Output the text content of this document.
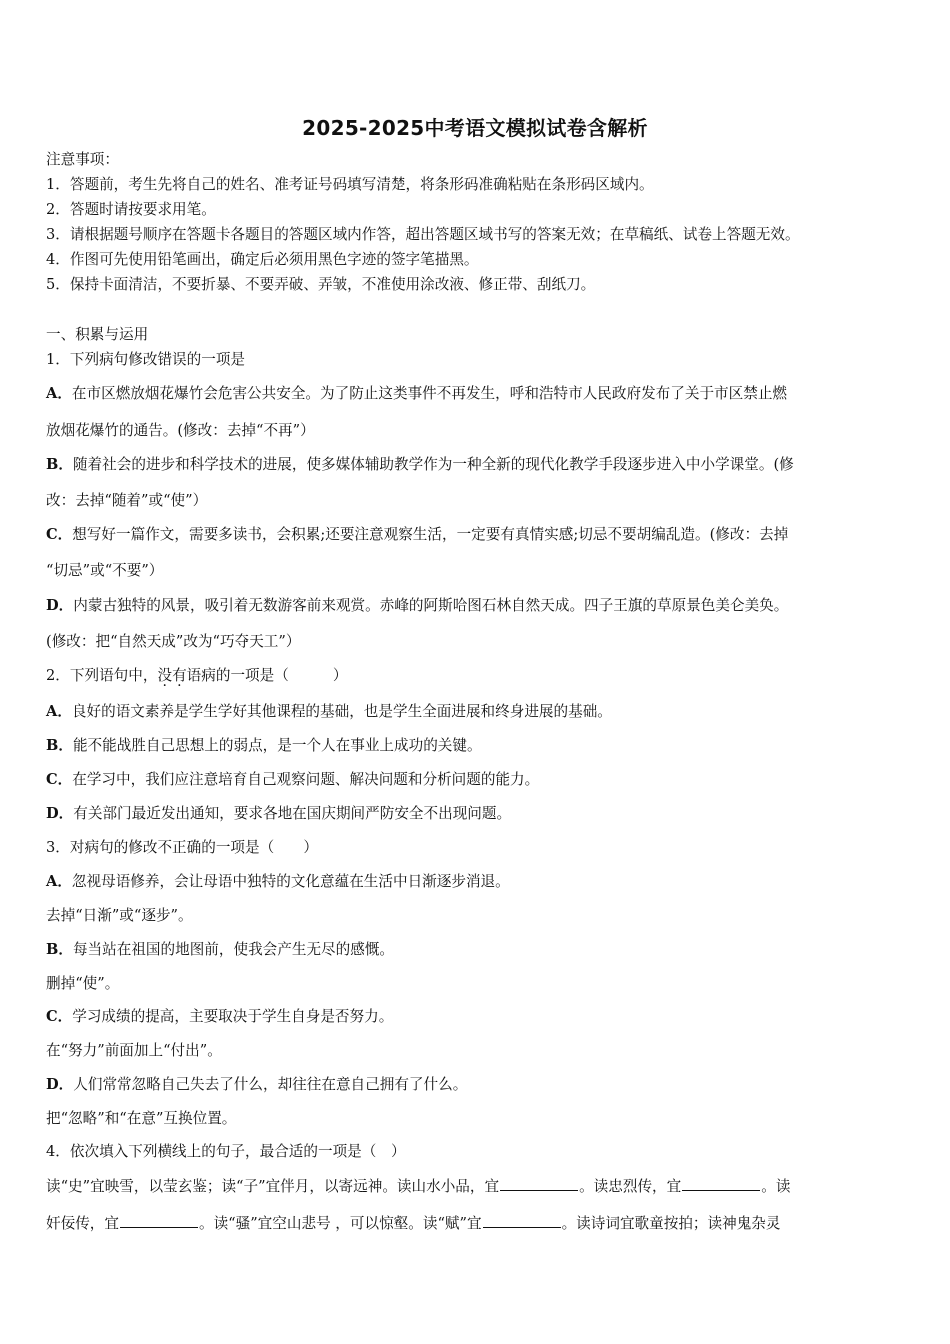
2025-2025中考语文模拟试卷含解析
注意事项：
1．答题前，考生先将自己的姓名、准考证号码填写清楚，将条形码准确粘贴在条形码区域内。
2．答题时请按要求用笔。
3．请根据题号顺序在答题卡各题目的答题区域内作答，超出答题区域书写的答案无效；在草稿纸、试卷上答题无效。
4．作图可先使用铅笔画出，确定后必须用黑色字迹的签字笔描黑。
5．保持卡面清洁，不要折暴、不要弄破、弄皱，不准使用涂改液、修正带、刮纸刀。
一、积累与运用
1．下列病句修改错误的一项是
A．在市区燃放烟花爆竹会危害公共安全。为了防止这类事件不再发生，呼和浩特市人民政府发布了关于市区禁止燃
放烟花爆竹的通告。(修改：去掉“不再”）
B．随着社会的进步和科学技术的进展，使多媒体辅助教学作为一种全新的现代化教学手段逐步进入中小学课堂。(修
改：去掉“随着”或“使”）
C．想写好一篇作文，需要多读书，会积累;还要注意观察生活，一定要有真情实感;切忌不要胡编乱造。(修改：去掉
“切忌”或“不要”）
D．内蒙古独特的风景，吸引着无数游客前来观赏。赤峰的阿斯哈图石林自然天成。四子王旗的草原景色美仑美奂。
(修改：把“自然天成”改为“巧夺天工”）
2．下列语句中，没有语病的一项是（	）
A．良好的语文素养是学生学好其他课程的基础，也是学生全面进展和终身进展的基础。
B．能不能战胜自己思想上的弱点，是一个人在事业上成功的关键。
C．在学习中，我们应注意培育自己观察问题、解决问题和分析问题的能力。
D．有关部门最近发出通知，要求各地在国庆期间严防安全不出现问题。
3．对病句的修改不正确的一项是（　　）
A．忽视母语修养，会让母语中独特的文化意蕴在生活中日渐逐步消退。
去掉“日渐”或“逐步”。
B．每当站在祖国的地图前，使我会产生无尽的感慨。
删掉“使”。
C．学习成绩的提高，主要取决于学生自身是否努力。
在“努力”前面加上“付出”。
D．人们常常忽略自己失去了什么，却往往在意自己拥有了什么。
把“忽略”和“在意”互换位置。
4．依次填入下列横线上的句子，最合适的一项是（　）
读“史”宜映雪，以莹玄鉴；读“子”宜伴月，以寄远神。读山水小品，宜	。读忠烈传，宜	。读
奸佞传，宜	。读“骚”宜空山悲号 ，可以惊壑。读“赋”宜	。读诗词宜歌童按拍；读神鬼杂灵
